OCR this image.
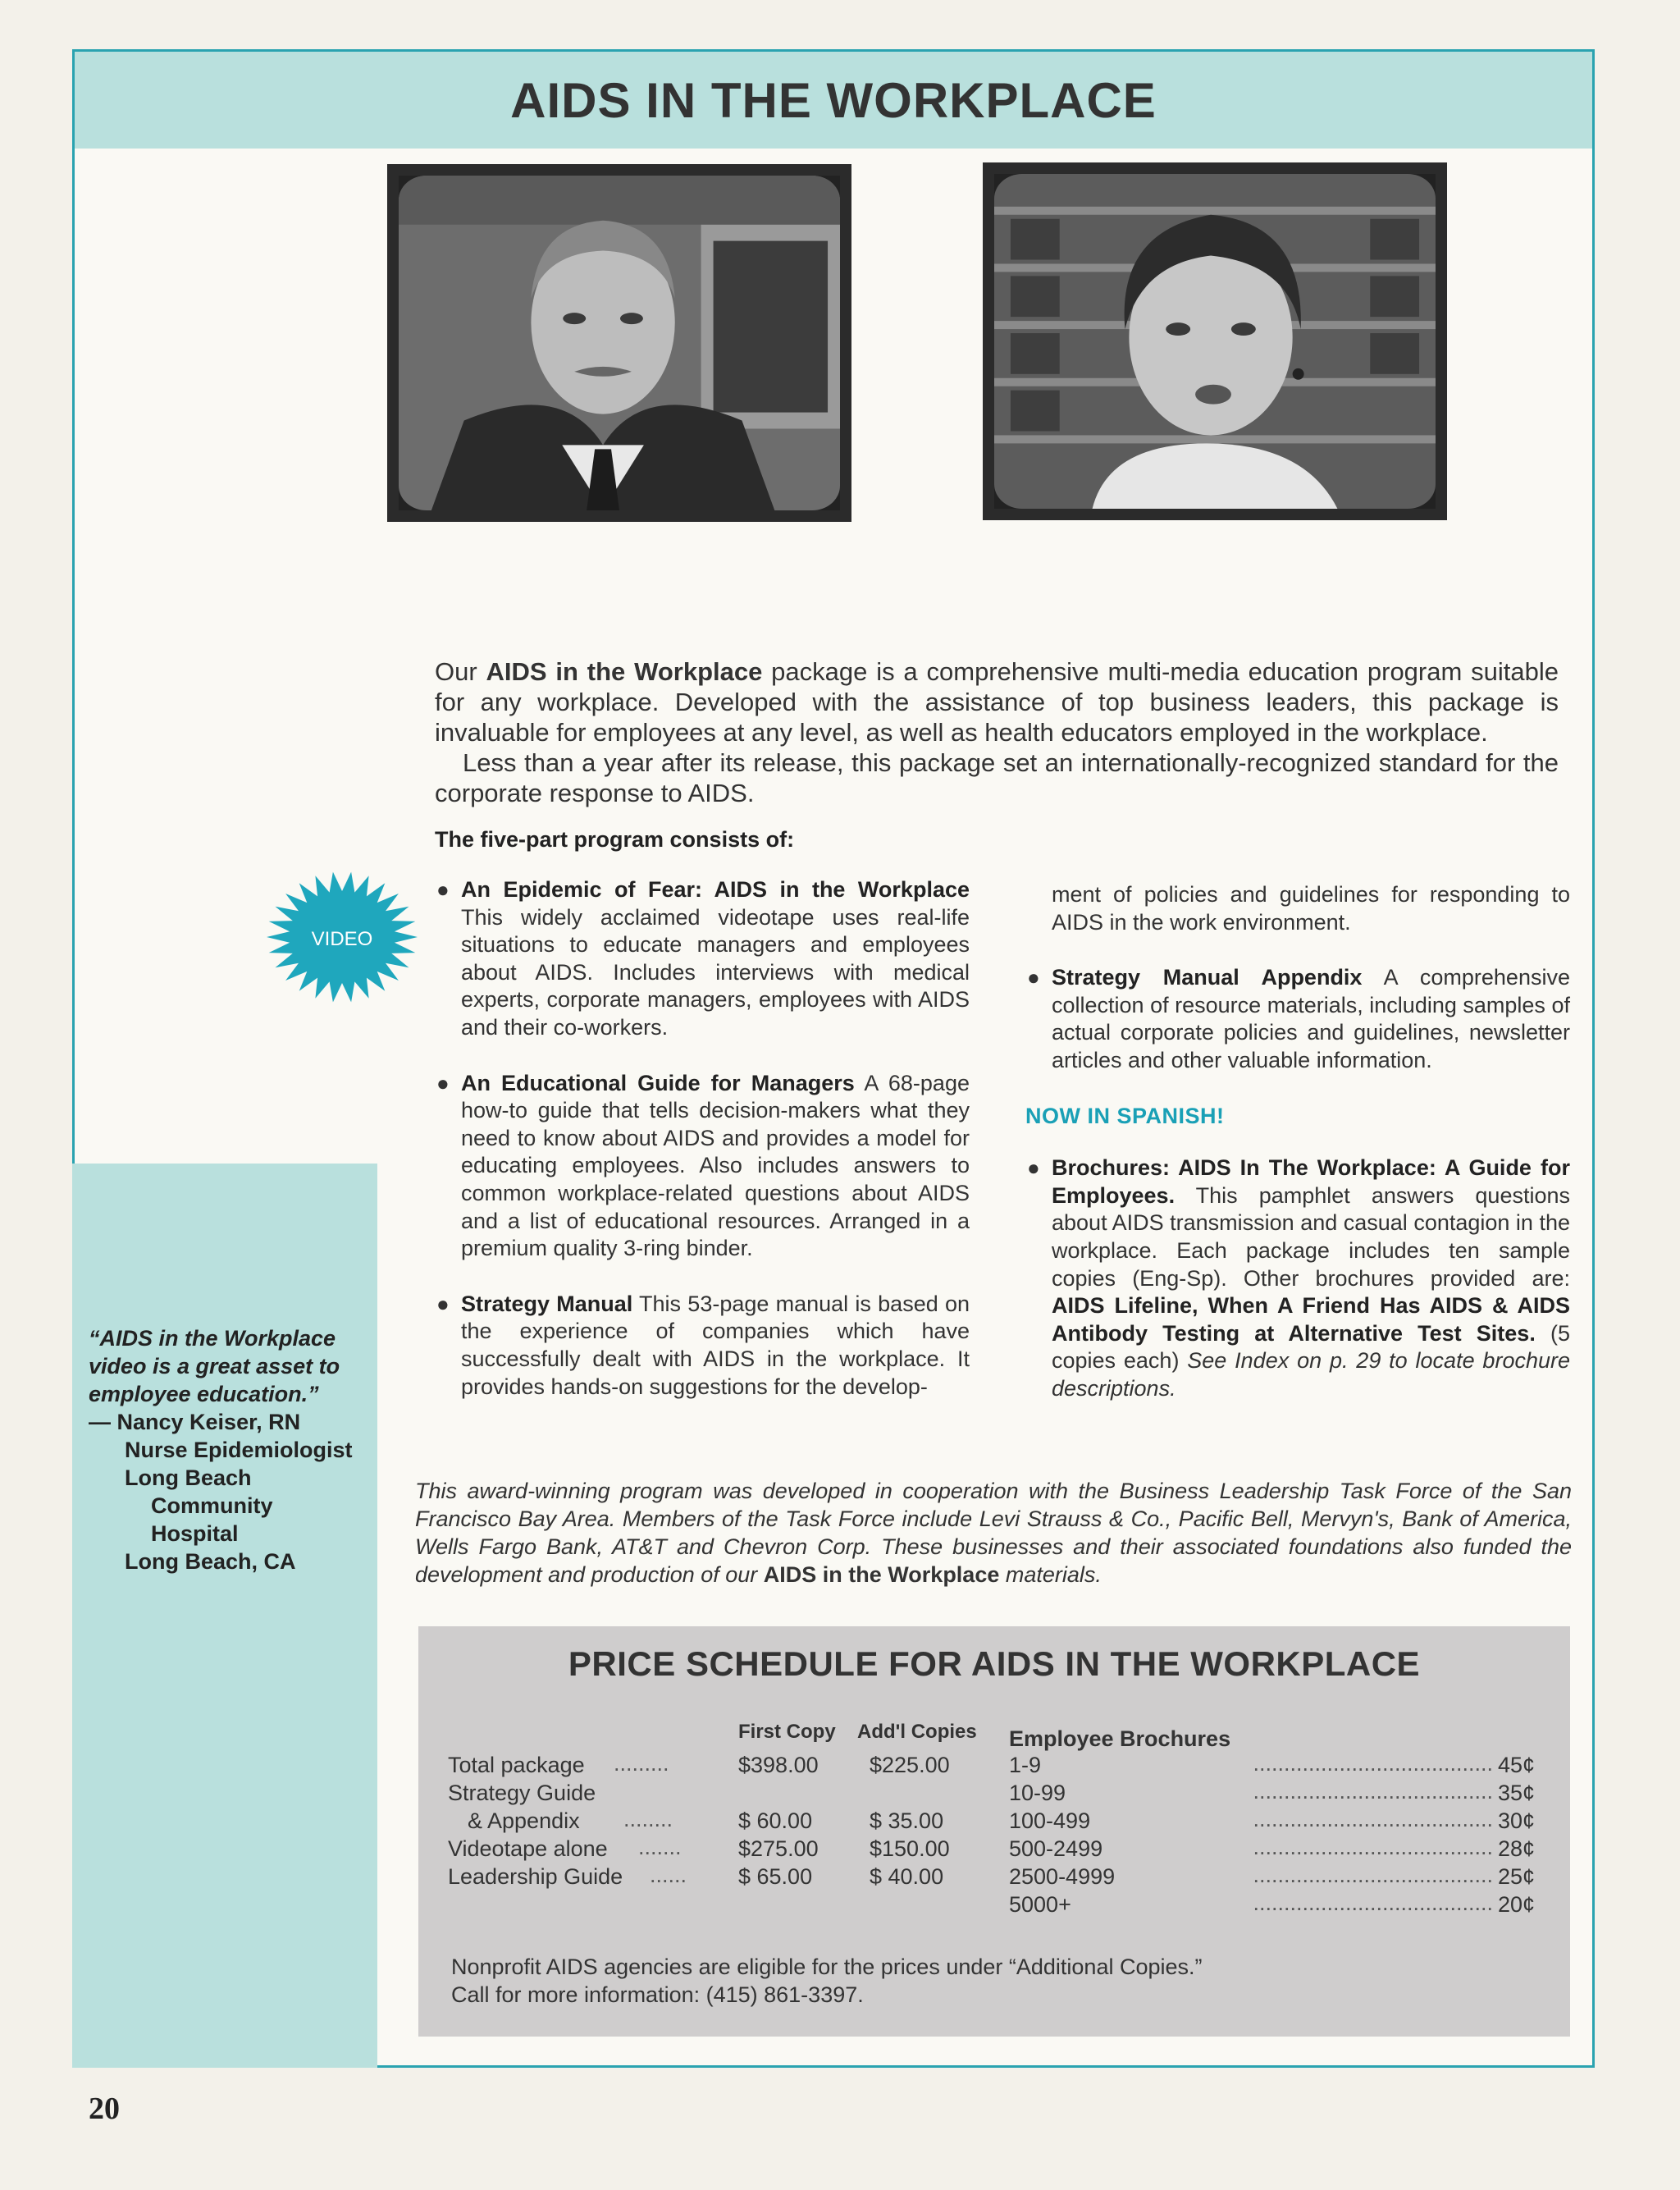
AIDS IN THE WORKPLACE

Our AIDS in the Workplace package is a comprehensive multi-media education program suitable for any workplace. Developed with the assistance of top business leaders, this package is invaluable for employees at any level, as well as health educators employed in the workplace.

Less than a year after its release, this package set an internationally-recognized standard for the corporate response to AIDS.

The five-part program consists of:
VIDEO
● An Epidemic of Fear: AIDS in the Workplace This widely acclaimed videotape uses real-life situations to educate managers and employees about AIDS. Includes interviews with medical experts, corporate managers, employees with AIDS and their co-workers.
● An Educational Guide for Managers A 68-page how-to guide that tells decision-makers what they need to know about AIDS and provides a model for educating employees. Also includes answers to common workplace-related questions about AIDS and a list of educational resources. Arranged in a premium quality 3-ring binder.
● Strategy Manual This 53-page manual is based on the experience of companies which have successfully dealt with AIDS in the workplace. It provides hands-on suggestions for the develop-
ment of policies and guidelines for responding to AIDS in the work environment.
● Strategy Manual Appendix A comprehensive collection of resource materials, including samples of actual corporate policies and guidelines, newsletter articles and other valuable information.
NOW IN SPANISH!
● Brochures: AIDS In The Workplace: A Guide for Employees. This pamphlet answers questions about AIDS transmission and casual contagion in the workplace. Each package includes ten sample copies (Eng-Sp). Other brochures provided are: AIDS Lifeline, When A Friend Has AIDS & AIDS Antibody Testing at Alternative Test Sites. (5 copies each) See Index on p. 29 to locate brochure descriptions.
This award-winning program was developed in cooperation with the Business Leadership Task Force of the San Francisco Bay Area. Members of the Task Force include Levi Strauss & Co., Pacific Bell, Mervyn's, Bank of America, Wells Fargo Bank, AT&T and Chevron Corp. These businesses and their associated foundations also funded the development and production of our AIDS in the Workplace materials.
“AIDS in the Workplace video is a great asset to employee education.”
— Nancy Keiser, RN
Nurse Epidemiologist
Long Beach
Community
Hospital
Long Beach, CA
PRICE SCHEDULE FOR AIDS IN THE WORKPLACE
First Copy Add'l Copies
Total package .........	$398.00 $225.00
Strategy Guide
& Appendix ........	$ 60.00	$ 35.00
Videotape alone .......	$275.00 $150.00
Leadership Guide ......	$ 65.00	$ 40.00
Employee Brochures
1-9	....................................... 45¢
10-99	....................................... 35¢
100-499	....................................... 30¢
500-2499	....................................... 28¢
2500-4999	....................................... 25¢
5000+	....................................... 20¢
Nonprofit AIDS agencies are eligible for the prices under “Additional Copies.”
Call for more information: (415) 861-3397.
20
